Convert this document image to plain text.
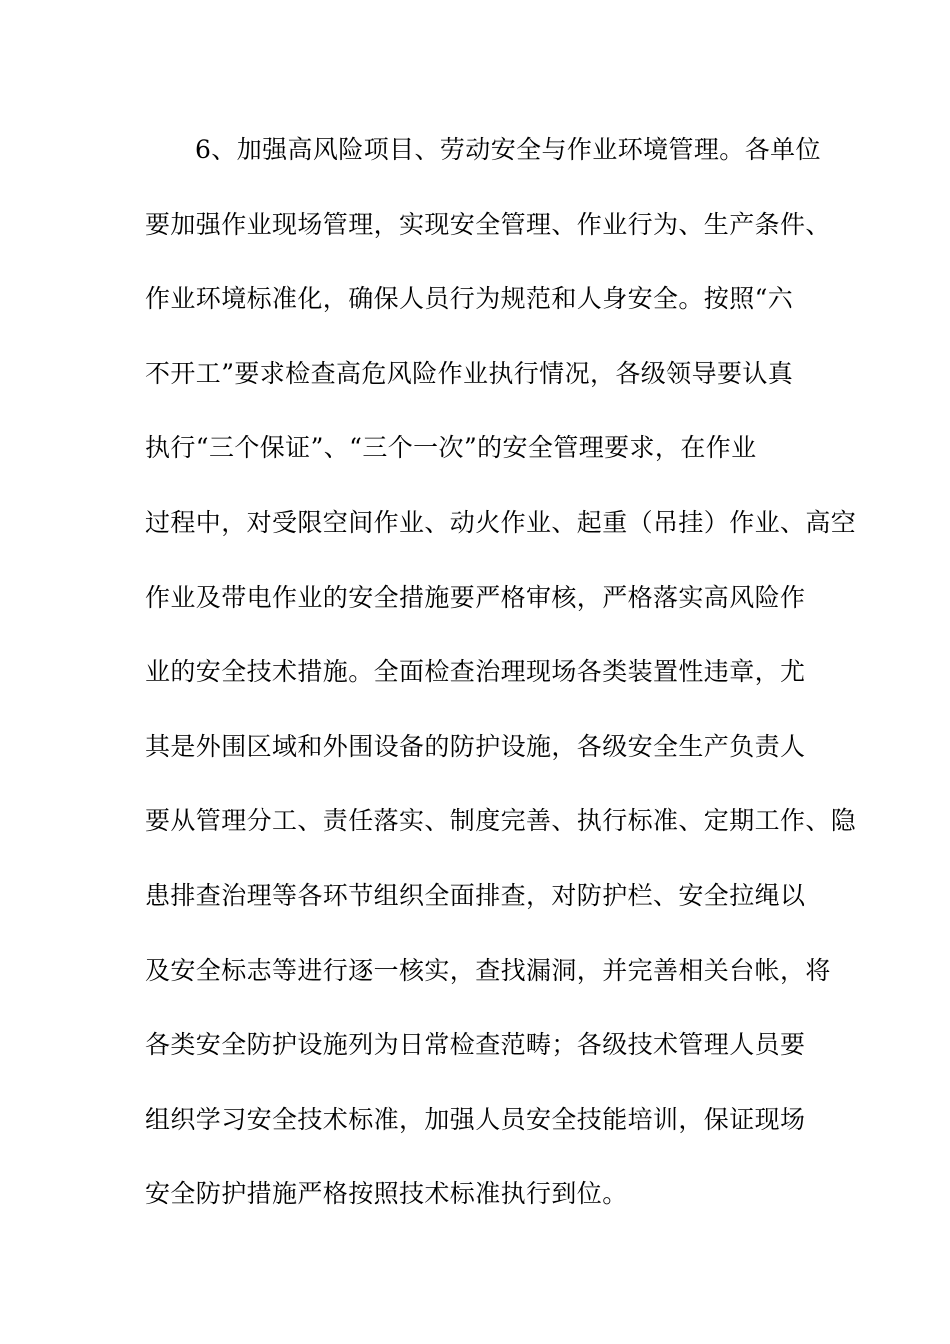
6、加强高风险项目、劳动安全与作业环境管理。各单位
要加强作业现场管理，实现安全管理、作业行为、生产条件、
作业环境标准化，确保人员行为规范和人身安全。按照“六
不开工”要求检查高危风险作业执行情况，各级领导要认真
执行“三个保证”、“三个一次”的安全管理要求，在作业
过程中，对受限空间作业、动火作业、起重（吊挂）作业、高空
作业及带电作业的安全措施要严格审核，严格落实高风险作
业的安全技术措施。全面检查治理现场各类装置性违章，尤
其是外围区域和外围设备的防护设施，各级安全生产负责人
要从管理分工、责任落实、制度完善、执行标准、定期工作、隐
患排查治理等各环节组织全面排查，对防护栏、安全拉绳以
及安全标志等进行逐一核实，查找漏洞，并完善相关台帐，将
各类安全防护设施列为日常检查范畴；各级技术管理人员要
组织学习安全技术标准，加强人员安全技能培训，保证现场
安全防护措施严格按照技术标准执行到位。
